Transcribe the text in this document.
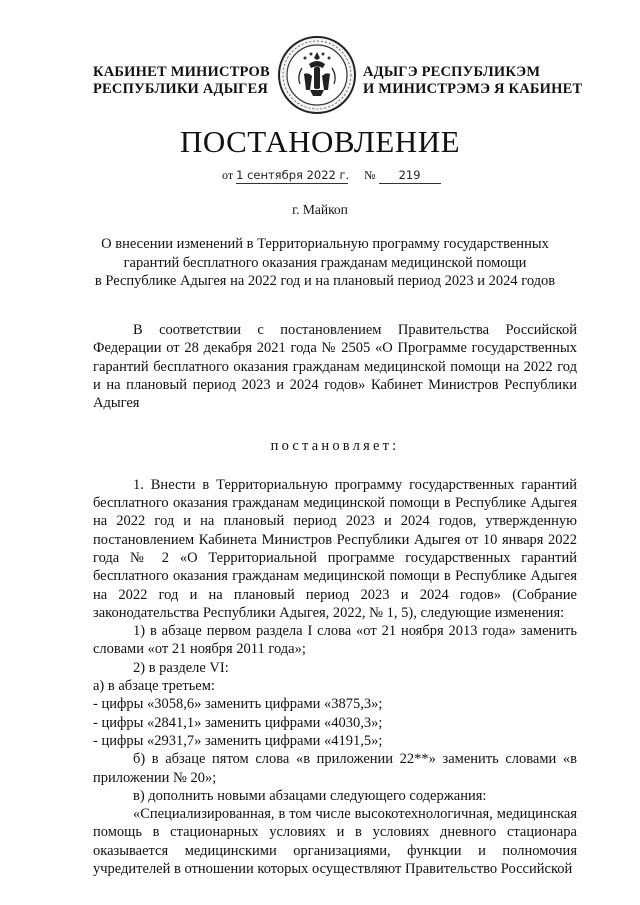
КАБИНЕТ МИНИСТРОВ
РЕСПУБЛИКИ АДЫГЕЯ
АДЫГЭ РЕСПУБЛИКЭМ
И МИНИСТРЭМЭ Я КАБИНЕТ
ПОСТАНОВЛЕНИЕ
от 1 сентября 2022 г. № 219
г. Майкоп
О внесении изменений в Территориальную программу государственных
гарантий бесплатного оказания гражданам медицинской помощи
в Республике Адыгея на 2022 год и на плановый период 2023 и 2024 годов

В соответствии с постановлением Правительства Российской Федерации от 28 декабря 2021 года № 2505 «О Программе государственных гарантий бесплатного оказания гражданам медицинской помощи на 2022 год и на плановый период 2023 и 2024 годов» Кабинет Министров Республики Адыгея

постановляет:

1. Внести в Территориальную программу государственных гарантий бесплатного оказания гражданам медицинской помощи в Республике Адыгея на 2022 год и на плановый период 2023 и 2024 годов, утвержденную постановлением Кабинета Министров Республики Адыгея от 10 января 2022 года № 2 «О Территориальной программе государственных гарантий бесплатного оказания гражданам медицинской помощи в Республике Адыгея на 2022 год и на плановый период 2023 и 2024 годов» (Собрание законодательства Республики Адыгея, 2022, № 1, 5), следующие изменения:

1) в абзаце первом раздела I слова «от 21 ноября 2013 года» заменить словами «от 21 ноября 2011 года»;

2) в разделе VI:

а) в абзаце третьем:

- цифры «3058,6» заменить цифрами «3875,3»;

- цифры «2841,1» заменить цифрами «4030,3»;

- цифры «2931,7» заменить цифрами «4191,5»;

б) в абзаце пятом слова «в приложении 22**» заменить словами «в приложении № 20»;

в) дополнить новыми абзацами следующего содержания:

«Специализированная, в том числе высокотехнологичная, медицинская помощь в стационарных условиях и в условиях дневного стационара оказывается медицинскими организациями, функции и полномочия учредителей в отношении которых осуществляют Правительство Российской
